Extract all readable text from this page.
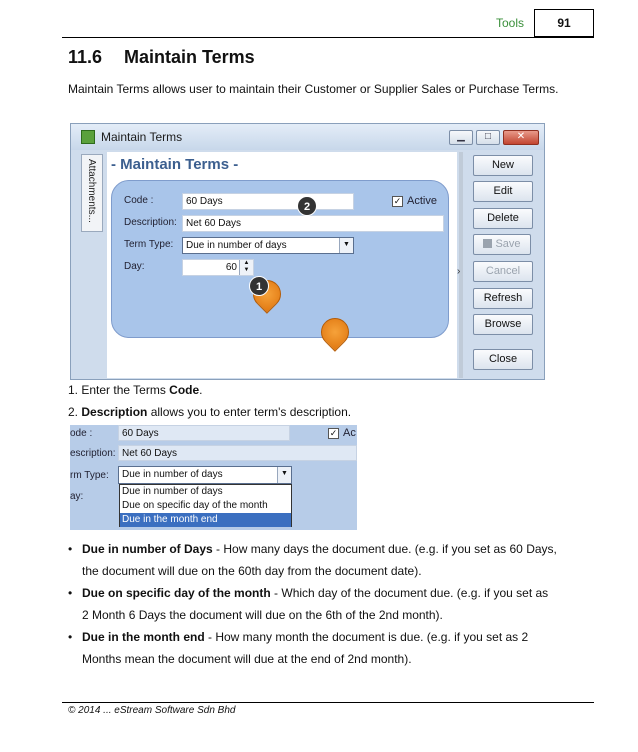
Tools	91
11.6 Maintain Terms
Maintain Terms allows user to maintain their Customer or Supplier Sales or Purchase Terms.
Maintain Terms	▁	□	✕
Attachments... - Maintain Terms -
Code :	60 Days	✓ Active
Description: Net 60 Days
Term Type:	Due in number of days	▼
Day:	60	▲
▼
1
2
›
New
Edit
Delete
Save
Cancel
Refresh
Browse
Close
1. Enter the Terms Code.
2. Description allows you to enter term's description.
ode :	60 Days	✓ Ac
escription: Net 60 Days
rm Type:	Due in number of days	▼
ay:	Due in number of days
Due on specific day of the month
Due in the month end
• Due in number of Days - How many days the document due. (e.g. if you set as 60 Days, the document will due on the 60th day from the document date).
• Due on specific day of the month - Which day of the document due. (e.g. if you set as 2 Month 6 Days the document will due on the 6th of the 2nd month).
• Due in the month end - How many month the document is due. (e.g. if you set as 2 Months mean the document will due at the end of 2nd month).
© 2014 ... eStream Software Sdn Bhd
